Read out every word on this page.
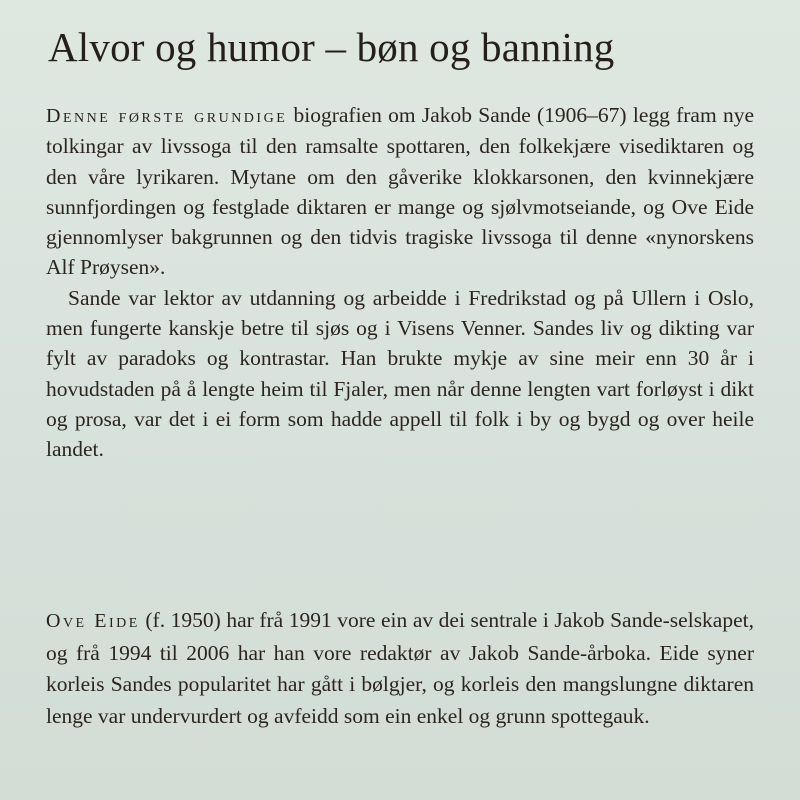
Alvor og humor – bøn og banning

Denne første grundige biografien om Jakob Sande (1906–67) legg fram nye tolkingar av livssoga til den ramsalte spottaren, den folkekjære visediktaren og den våre lyrikaren. Mytane om den gåverike klokkarsonen, den kvinnekjære sunnfjordingen og festglade diktaren er mange og sjølvmotseiande, og Ove Eide gjennomlyser bakgrunnen og den tidvis tragiske livssoga til denne «nynorskens Alf Prøysen».

Sande var lektor av utdanning og arbeidde i Fredrikstad og på Ullern i Oslo, men fungerte kanskje betre til sjøs og i Visens Venner. Sandes liv og dikting var fylt av paradoks og kontrastar. Han brukte mykje av sine meir enn 30 år i hovudstaden på å lengte heim til Fjaler, men når denne lengten vart forløyst i dikt og prosa, var det i ei form som hadde appell til folk i by og bygd og over heile landet.

Ove Eide (f. 1950) har frå 1991 vore ein av dei sentrale i Jakob Sande-selskapet, og frå 1994 til 2006 har han vore redaktør av Jakob Sande-årboka. Eide syner korleis Sandes popularitet har gått i bølgjer, og korleis den mangslungne diktaren lenge var undervurdert og avfeidd som ein enkel og grunn spottegauk.
